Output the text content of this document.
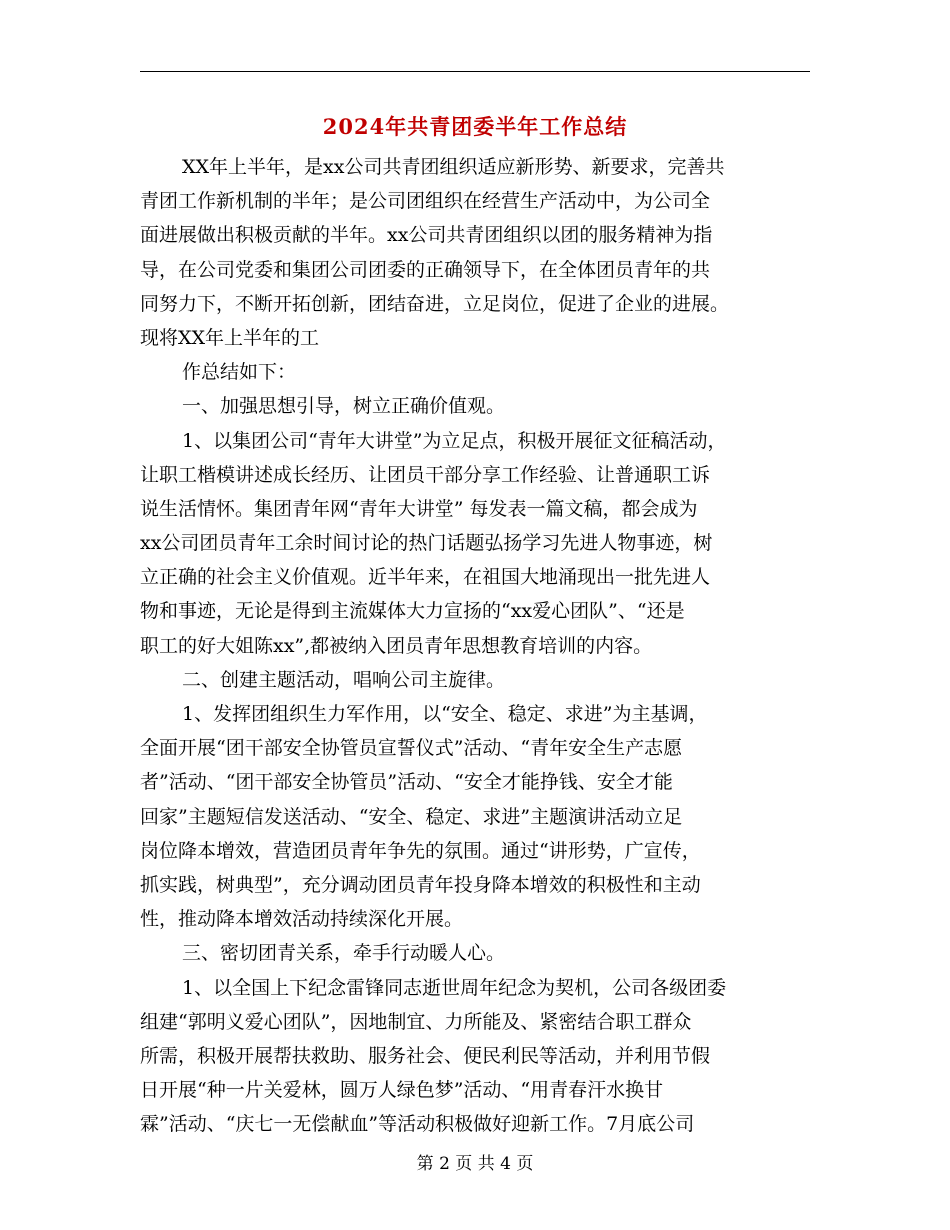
2024年共青团委半年工作总结
XX年上半年，是xx公司共青团组织适应新形势、新要求，完善共
青团工作新机制的半年；是公司团组织在经营生产活动中，为公司全
面进展做出积极贡献的半年。xx公司共青团组织以团的服务精神为指
导，在公司党委和集团公司团委的正确领导下，在全体团员青年的共
同努力下，不断开拓创新，团结奋进，立足岗位，促进了企业的进展。
现将XX年上半年的工
作总结如下：
一、加强思想引导，树立正确价值观。
1、以集团公司“青年大讲堂”为立足点，积极开展征文征稿活动，
让职工楷模讲述成长经历、让团员干部分享工作经验、让普通职工诉
说生活情怀。集团青年网“青年大讲堂” 每发表一篇文稿，都会成为
xx公司团员青年工余时间讨论的热门话题弘扬学习先进人物事迹，树
立正确的社会主义价值观。近半年来，在祖国大地涌现出一批先进人
物和事迹，无论是得到主流媒体大力宣扬的“xx爱心团队”、“还是
职工的好大姐陈xx”,都被纳入团员青年思想教育培训的内容。
二、创建主题活动，唱响公司主旋律。
1、发挥团组织生力军作用，以“安全、稳定、求进”为主基调，
全面开展“团干部安全协管员宣誓仪式”活动、“青年安全生产志愿
者”活动、“团干部安全协管员”活动、“安全才能挣钱、安全才能
回家”主题短信发送活动、“安全、稳定、求进”主题演讲活动立足
岗位降本增效，营造团员青年争先的氛围。通过“讲形势，广宣传，
抓实践，树典型”，充分调动团员青年投身降本增效的积极性和主动
性，推动降本增效活动持续深化开展。
三、密切团青关系，牵手行动暖人心。
1、以全国上下纪念雷锋同志逝世周年纪念为契机，公司各级团委
组建“郭明义爱心团队”，因地制宜、力所能及、紧密结合职工群众
所需，积极开展帮扶救助、服务社会、便民利民等活动，并利用节假
日开展“种一片关爱林，圆万人绿色梦”活动、“用青春汗水换甘
霖”活动、“庆七一无偿献血”等活动积极做好迎新工作。7月底公司
第 2 页 共 4 页
